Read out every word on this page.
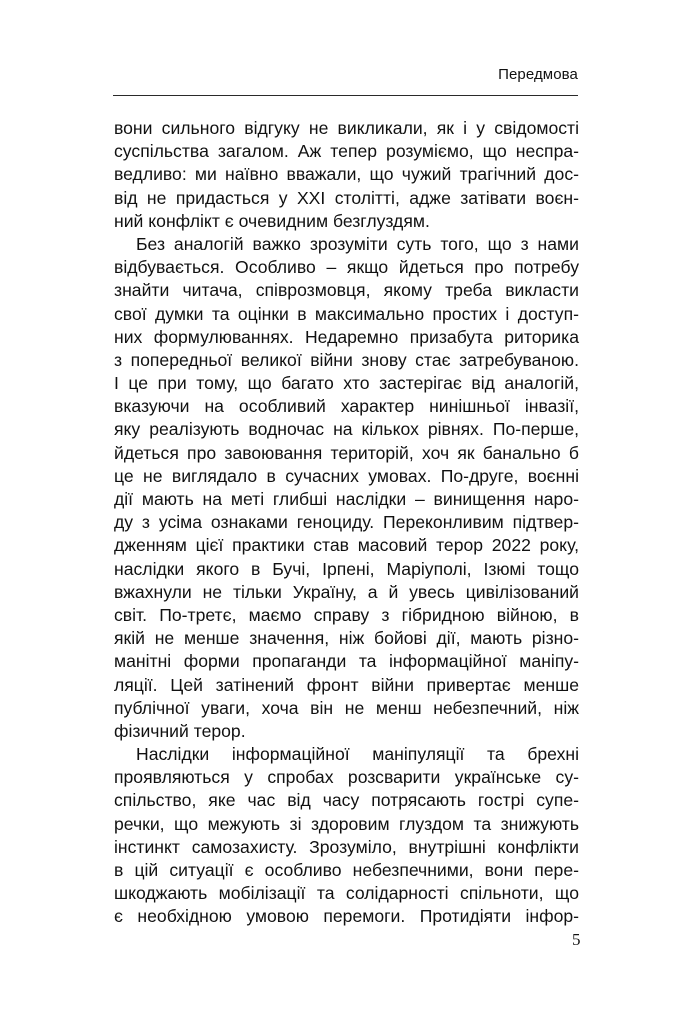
Передмова
вони сильного відгуку не викликали, як і у свідомості
суспільства загалом. Аж тепер розуміємо, що неспра-
ведливо: ми наївно вважали, що чужий трагічний дос-
від не придасться у ХХІ столітті, адже затівати воєн-
ний конфлікт є очевидним безглуздям.
Без аналогій важко зрозуміти суть того, що з нами
відбувається. Особливо – якщо йдеться про потребу
знайти читача, співрозмовця, якому треба викласти
свої думки та оцінки в максимально простих і доступ-
них формулюваннях. Недаремно призабута риторика
з попередньої великої війни знову стає затребуваною.
І це при тому, що багато хто застерігає від аналогій,
вказуючи на особливий характер нинішньої інвазії,
яку реалізують водночас на кількох рівнях. По-перше,
йдеться про завоювання територій, хоч як банально б
це не виглядало в сучасних умовах. По-друге, воєнні
дії мають на меті глибші наслідки – винищення наро-
ду з усіма ознаками геноциду. Переконливим підтвер-
дженням цієї практики став масовий терор 2022 року,
наслідки якого в Бучі, Ірпені, Маріуполі, Ізюмі тощо
вжахнули не тільки Україну, а й увесь цивілізований
світ. По-третє, маємо справу з гібридною війною, в
якій не менше значення, ніж бойові дії, мають різно-
манітні форми пропаганди та інформаційної маніпу-
ляції. Цей затінений фронт війни привертає менше
публічної уваги, хоча він не менш небезпечний, ніж
фізичний терор.
Наслідки інформаційної маніпуляції та брехні
проявляються у спробах розсварити українське су-
спільство, яке час від часу потрясають гострі супе-
речки, що межують зі здоровим глуздом та знижують
інстинкт самозахисту. Зрозуміло, внутрішні конфлікти
в цій ситуації є особливо небезпечними, вони пере-
шкоджають мобілізації та солідарності спільноти, що
є необхідною умовою перемоги. Протидіяти інфор-
5
